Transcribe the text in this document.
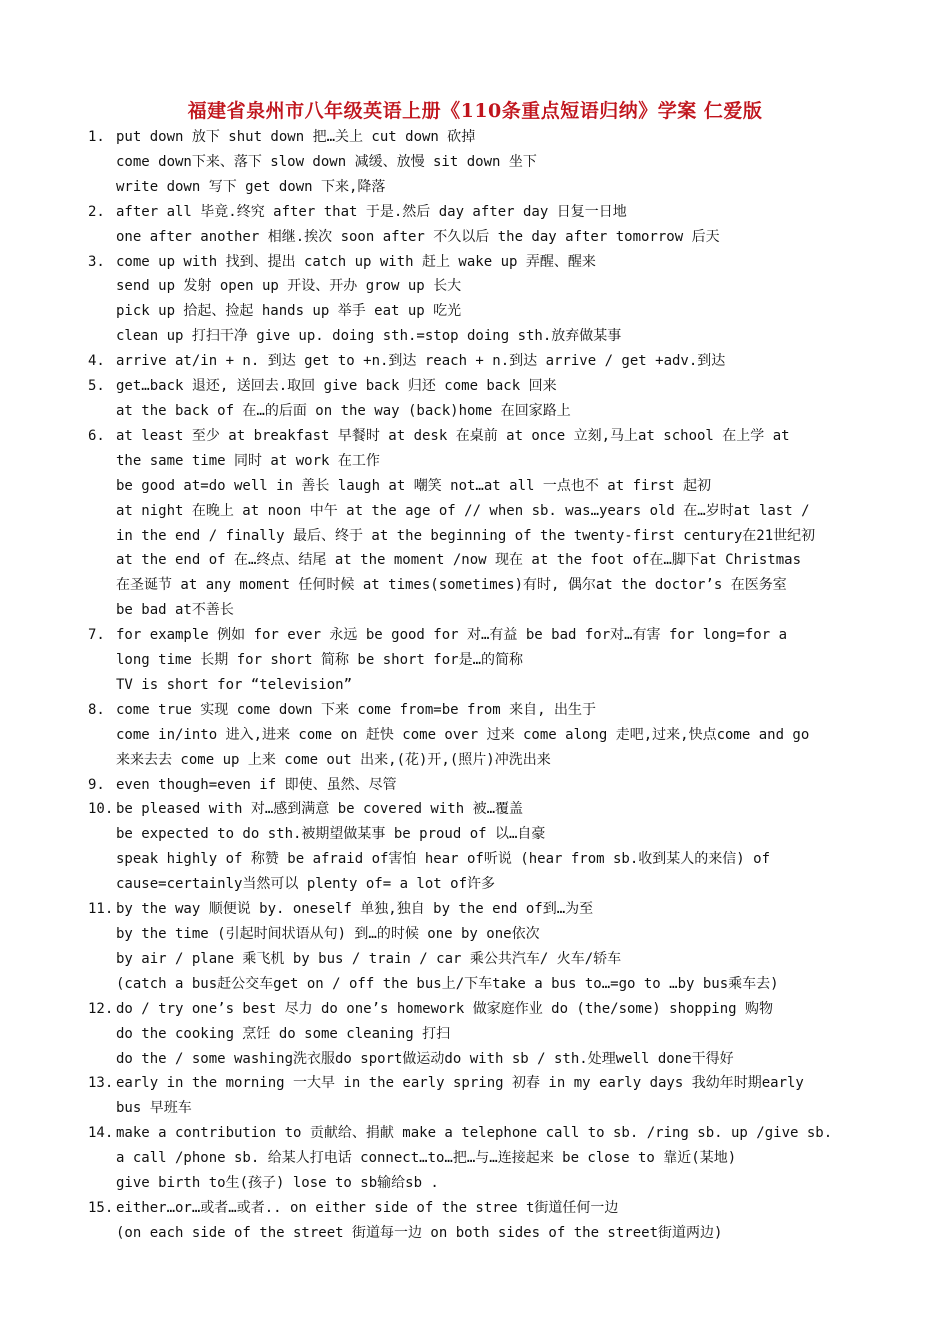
福建省泉州市八年级英语上册《110条重点短语归纳》学案 仁爱版
1. put down 放下 shut down 把…关上 cut down 砍掉
come down下来、落下 slow down 减缓、放慢 sit down 坐下
write down 写下 get down 下来,降落
2. after all 毕竟.终究 after that 于是.然后 day after day 日复一日地
one after another 相继.挨次 soon after 不久以后 the day after tomorrow 后天
3. come up with 找到、提出 catch up with 赶上 wake up 弄醒、醒来
send up 发射 open up 开设、开办 grow up 长大
pick up 拾起、捡起 hands up 举手 eat up 吃光
clean up 打扫干净 give up. doing sth.=stop doing sth.放弃做某事
4. arrive at/in + n. 到达 get to +n.到达 reach + n.到达 arrive / get +adv.到达
5. get…back 退还, 送回去.取回 give back 归还 come back 回来
at the back of 在…的后面 on the way (back)home 在回家路上
6. at least 至少 at breakfast 早餐时 at desk 在桌前 at once 立刻,马上at school 在上学 at
the same time 同时 at work 在工作
be good at=do well in 善长 laugh at 嘲笑 not…at all 一点也不 at first 起初
at night 在晚上 at noon 中午 at the age of // when sb. was…years old 在…岁时at last /
in the end / finally 最后、终于 at the beginning of the twenty-first century在21世纪初
at the end of 在…终点、结尾 at the moment /now 现在 at the foot of在…脚下at Christmas
在圣诞节 at any moment 任何时候 at times(sometimes)有时, 偶尔at the doctor’s 在医务室
be bad at不善长
7. for example 例如 for ever 永远 be good for 对…有益 be bad for对…有害 for long=for a
long time 长期 for short 简称 be short for是…的简称
TV is short for “television”
8. come true 实现 come down 下来 come from=be from 来自, 出生于
come in/into 进入,进来 come on 赶快 come over 过来 come along 走吧,过来,快点come and go
来来去去 come up 上来 come out 出来,(花)开,(照片)冲洗出来
9. even though=even if 即使、虽然、尽管
10. be pleased with 对…感到满意 be covered with 被…覆盖
be expected to do sth.被期望做某事 be proud of 以…自豪
speak highly of 称赞 be afraid of害怕 hear of听说 (hear from sb.收到某人的来信) of
cause=certainly当然可以 plenty of= a lot of许多
11. by the way 顺便说 by. oneself 单独,独自 by the end of到…为至
by the time (引起时间状语从句) 到…的时候 one by one依次
by air / plane 乘飞机 by bus / train / car 乘公共汽车/ 火车/轿车
(catch a bus赶公交车get on / off the bus上/下车take a bus to…=go to …by bus乘车去)
12. do / try one’s best 尽力 do one’s homework 做家庭作业 do (the/some) shopping 购物
do the cooking 烹饪 do some cleaning 打扫
do the / some washing洗衣服do sport做运动do with sb / sth.处理well done干得好
13. early in the morning 一大早 in the early spring 初春 in my early days 我幼年时期early
bus 早班车
14. make a contribution to 贡献给、捐献 make a telephone call to sb. /ring sb. up /give sb.
a call /phone sb. 给某人打电话 connect…to…把…与…连接起来 be close to 靠近(某地)
give birth to生(孩子) lose to sb输给sb .
15. either…or…或者…或者.. on either side of the stree t街道任何一边
(on each side of the street 街道每一边 on both sides of the street街道两边)
